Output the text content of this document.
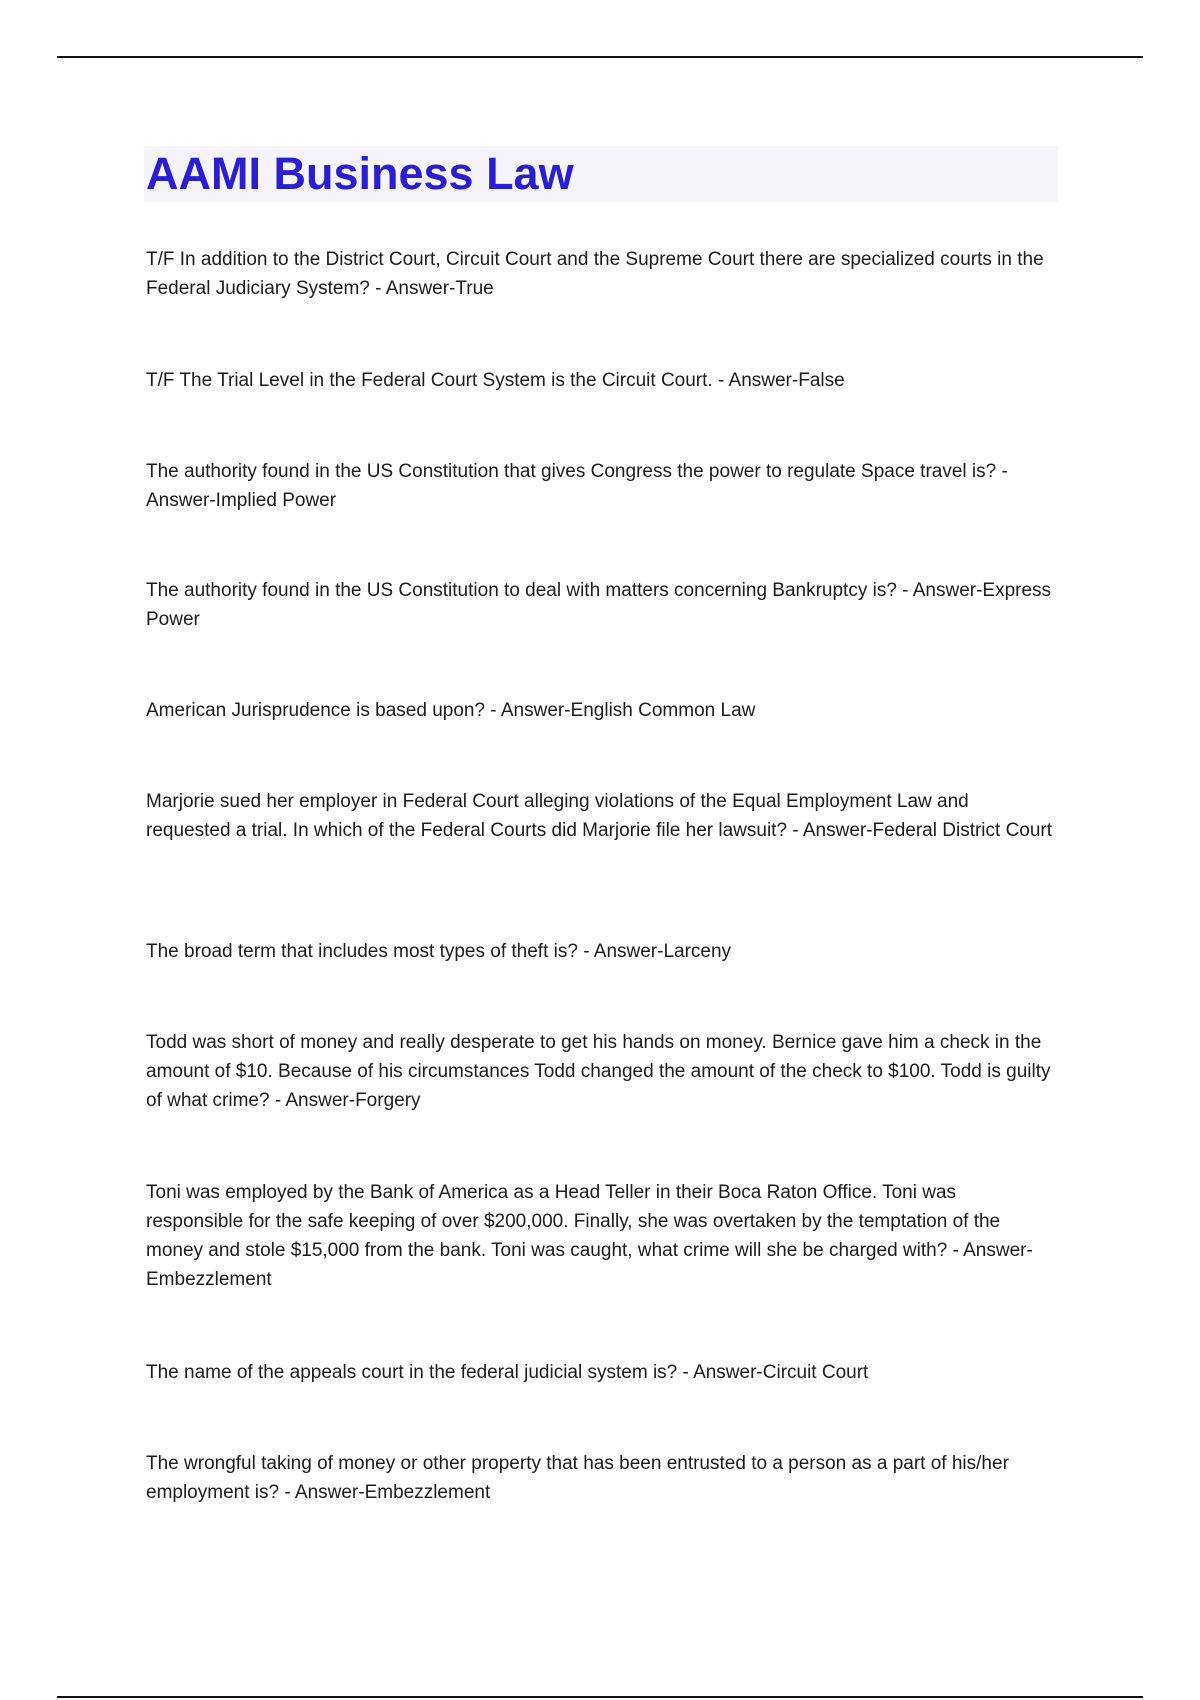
AAMI Business Law

T/F In addition to the District Court, Circuit Court and the Supreme Court there are specialized courts in the Federal Judiciary System? - Answer-True

T/F The Trial Level in the Federal Court System is the Circuit Court. - Answer-False

The authority found in the US Constitution that gives Congress the power to regulate Space travel is? - Answer-Implied Power

The authority found in the US Constitution to deal with matters concerning Bankruptcy is? - Answer-Express Power

American Jurisprudence is based upon? - Answer-English Common Law

Marjorie sued her employer in Federal Court alleging violations of the Equal Employment Law and requested a trial. In which of the Federal Courts did Marjorie file her lawsuit? - Answer-Federal District Court

The broad term that includes most types of theft is? - Answer-Larceny

Todd was short of money and really desperate to get his hands on money. Bernice gave him a check in the amount of $10. Because of his circumstances Todd changed the amount of the check to $100. Todd is guilty of what crime? - Answer-Forgery

Toni was employed by the Bank of America as a Head Teller in their Boca Raton Office. Toni was responsible for the safe keeping of over $200,000. Finally, she was overtaken by the temptation of the money and stole $15,000 from the bank. Toni was caught, what crime will she be charged with? - Answer-Embezzlement

The name of the appeals court in the federal judicial system is? - Answer-Circuit Court

The wrongful taking of money or other property that has been entrusted to a person as a part of his/her employment is? - Answer-Embezzlement
